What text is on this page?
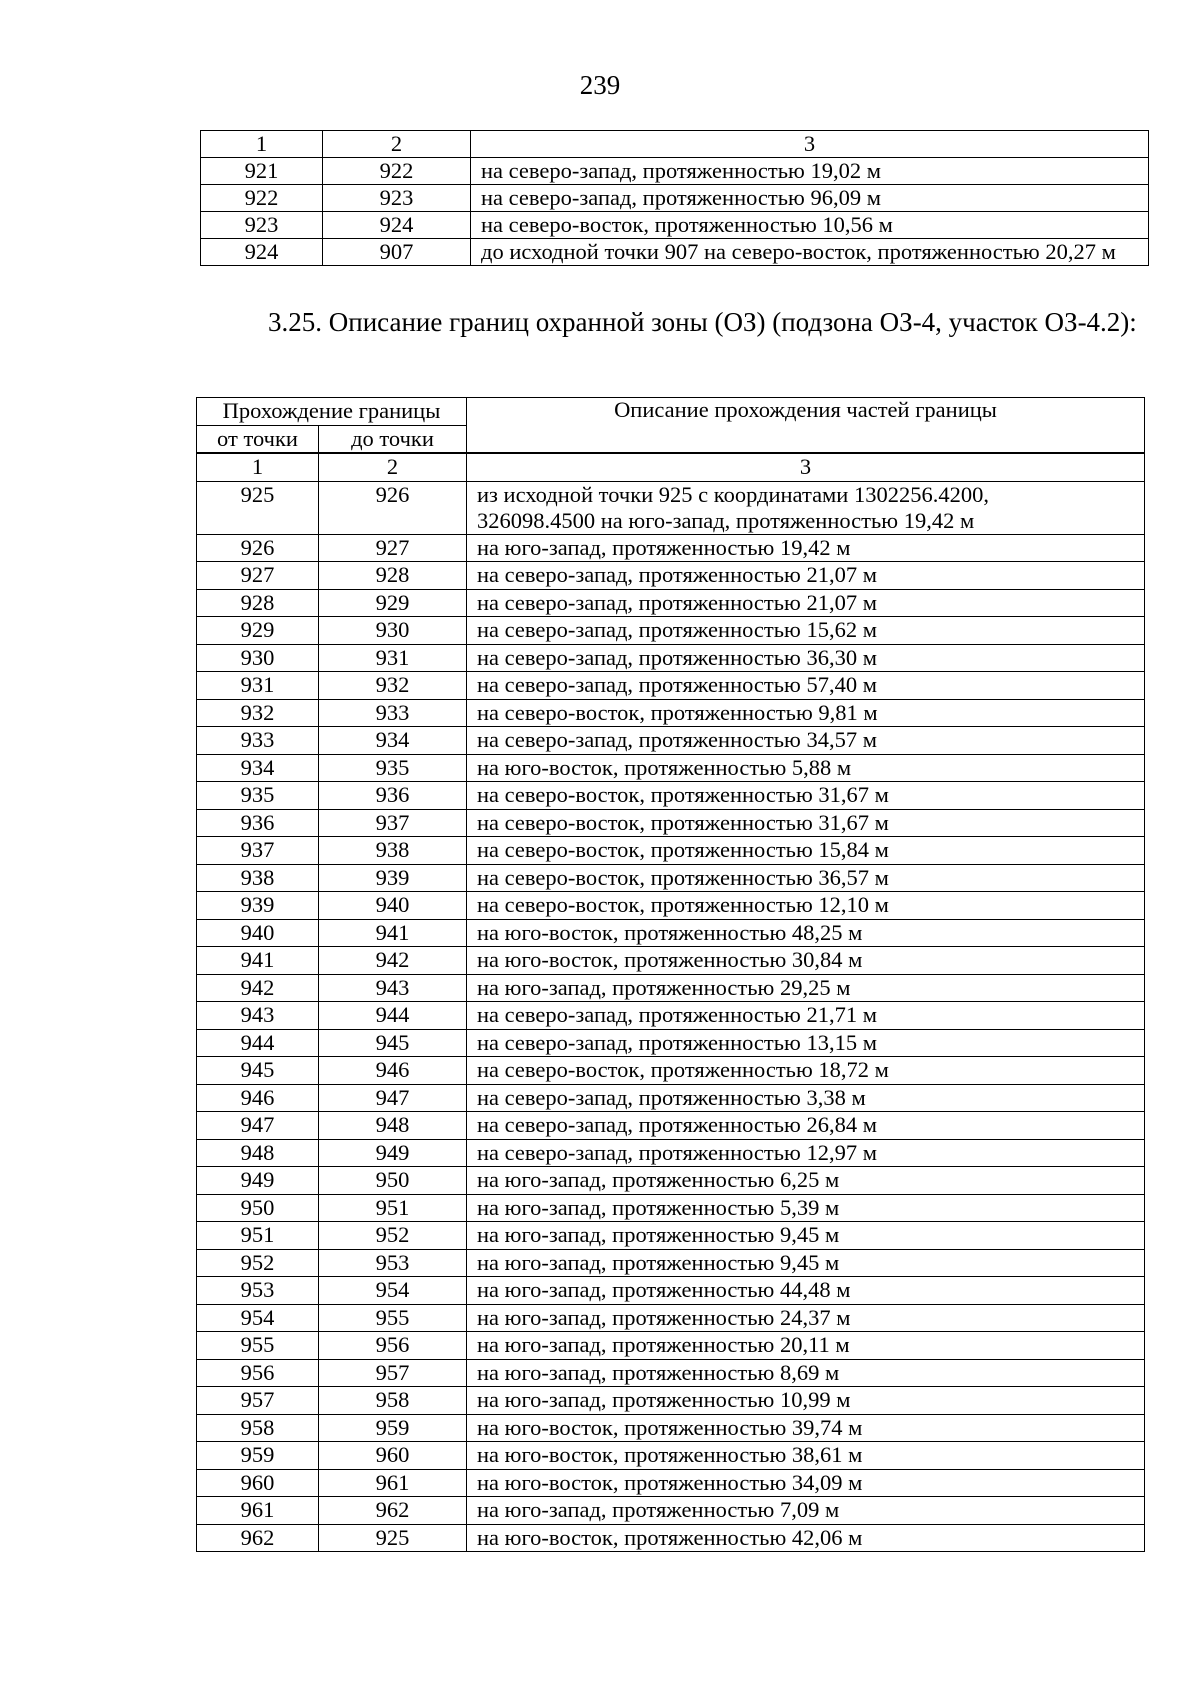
239
1	2	3
921	922	на северо-запад, протяженностью 19,02 м
922	923	на северо-запад, протяженностью 96,09 м
923	924	на северо-восток, протяженностью 10,56 м
924	907	до исходной точки 907 на северо-восток, протяженностью 20,27 м
3.25. Описание границ охранной зоны (ОЗ) (подзона ОЗ-4, участок ОЗ-4.2):
Прохождение границы		Описание прохождения частей границы
от точки	до точки	
1	2	3
925	926	из исходной точки 925 с координатами 1302256.4200,
326098.4500 на юго-запад, протяженностью 19,42 м

926	927	на юго-запад, протяженностью 19,42 м
927	928	на северо-запад, протяженностью 21,07 м
928	929	на северо-запад, протяженностью 21,07 м
929	930	на северо-запад, протяженностью 15,62 м
930	931	на северо-запад, протяженностью 36,30 м
931	932	на северо-запад, протяженностью 57,40 м
932	933	на северо-восток, протяженностью 9,81 м
933	934	на северо-запад, протяженностью 34,57 м
934	935	на юго-восток, протяженностью 5,88 м
935	936	на северо-восток, протяженностью 31,67 м
936	937	на северо-восток, протяженностью 31,67 м
937	938	на северо-восток, протяженностью 15,84 м
938	939	на северо-восток, протяженностью 36,57 м
939	940	на северо-восток, протяженностью 12,10 м
940	941	на юго-восток, протяженностью 48,25 м
941	942	на юго-восток, протяженностью 30,84 м
942	943	на юго-запад, протяженностью 29,25 м
943	944	на северо-запад, протяженностью 21,71 м
944	945	на северо-запад, протяженностью 13,15 м
945	946	на северо-восток, протяженностью 18,72 м
946	947	на северо-запад, протяженностью 3,38 м
947	948	на северо-запад, протяженностью 26,84 м
948	949	на северо-запад, протяженностью 12,97 м
949	950	на юго-запад, протяженностью 6,25 м
950	951	на юго-запад, протяженностью 5,39 м
951	952	на юго-запад, протяженностью 9,45 м
952	953	на юго-запад, протяженностью 9,45 м
953	954	на юго-запад, протяженностью 44,48 м
954	955	на юго-запад, протяженностью 24,37 м
955	956	на юго-запад, протяженностью 20,11 м
956	957	на юго-запад, протяженностью 8,69 м
957	958	на юго-запад, протяженностью 10,99 м
958	959	на юго-восток, протяженностью 39,74 м
959	960	на юго-восток, протяженностью 38,61 м
960	961	на юго-восток, протяженностью 34,09 м
961	962	на юго-запад, протяженностью 7,09 м
962	925	на юго-восток, протяженностью 42,06 м
